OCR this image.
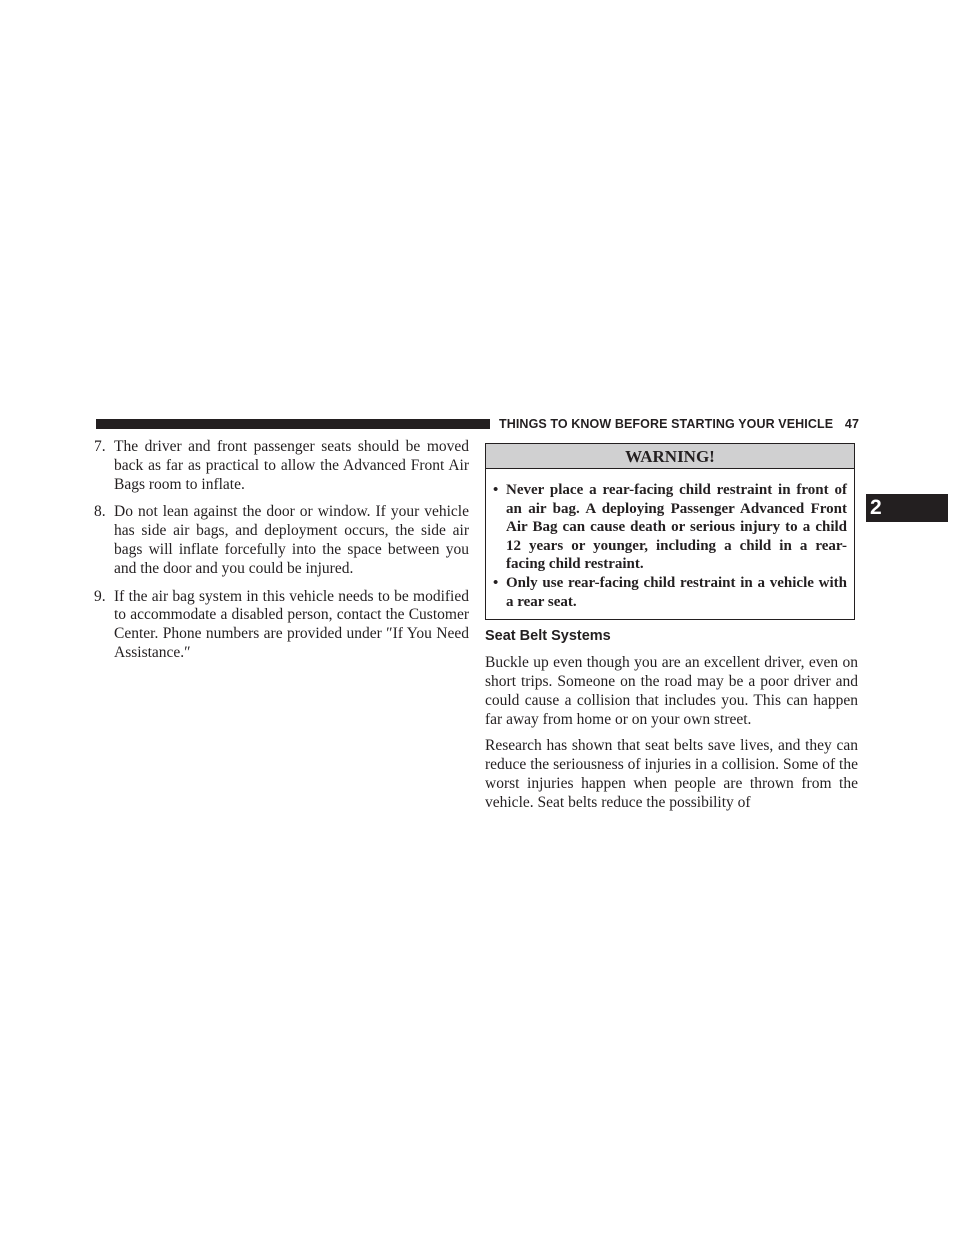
THINGS TO KNOW BEFORE STARTING YOUR VEHICLE 47
2
7. The driver and front passenger seats should be moved back as far as practical to allow the Advanced Front Air Bags room to inflate.
8. Do not lean against the door or window. If your vehicle has side air bags, and deployment occurs, the side air bags will inflate forcefully into the space between you and the door and you could be injured.
9. If the air bag system in this vehicle needs to be modified to accommodate a disabled person, contact the Customer Center. Phone numbers are provided under ″If You Need Assistance.″
WARNING!
• Never place a rear-facing child restraint in front of an air bag. A deploying Passenger Advanced Front Air Bag can cause death or serious injury to a child 12 years or younger, including a child in a rear-facing child restraint.
• Only use rear-facing child restraint in a vehicle with a rear seat.
Seat Belt Systems

Buckle up even though you are an excellent driver, even on short trips. Someone on the road may be a poor driver and could cause a collision that includes you. This can happen far away from home or on your own street.

Research has shown that seat belts save lives, and they can reduce the seriousness of injuries in a collision. Some of the worst injuries happen when people are thrown from the vehicle. Seat belts reduce the possibility of
